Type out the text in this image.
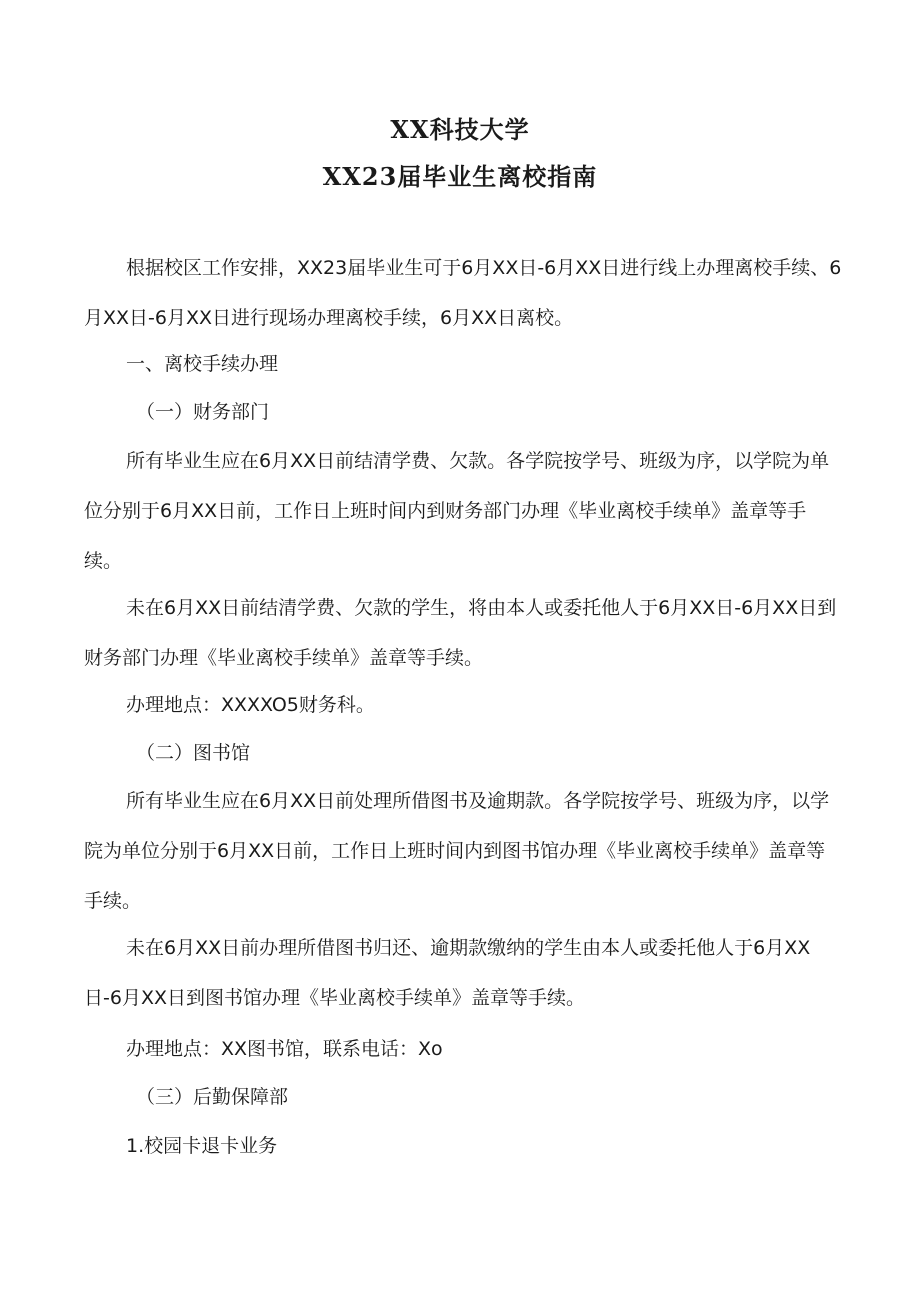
XX科技大学
XX23届毕业生离校指南

根据校区工作安排，XX23届毕业生可于6月XX日-6月XX日进行线上办理离校手续、6月XX日-6月XX日进行现场办理离校手续，6月XX日离校。

一、离校手续办理

（一）财务部门

所有毕业生应在6月XX日前结清学费、欠款。各学院按学号、班级为序，以学院为单位分别于6月XX日前，工作日上班时间内到财务部门办理《毕业离校手续单》盖章等手续。

未在6月XX日前结清学费、欠款的学生，将由本人或委托他人于6月XX日-6月XX日到财务部门办理《毕业离校手续单》盖章等手续。

办理地点：XXXXO5财务科。

（二）图书馆

所有毕业生应在6月XX日前处理所借图书及逾期款。各学院按学号、班级为序，以学院为单位分别于6月XX日前，工作日上班时间内到图书馆办理《毕业离校手续单》盖章等手续。

未在6月XX日前办理所借图书归还、逾期款缴纳的学生由本人或委托他人于6月XX日-6月XX日到图书馆办理《毕业离校手续单》盖章等手续。

办理地点：XX图书馆，联系电话：Xo

（三）后勤保障部

1.校园卡退卡业务
